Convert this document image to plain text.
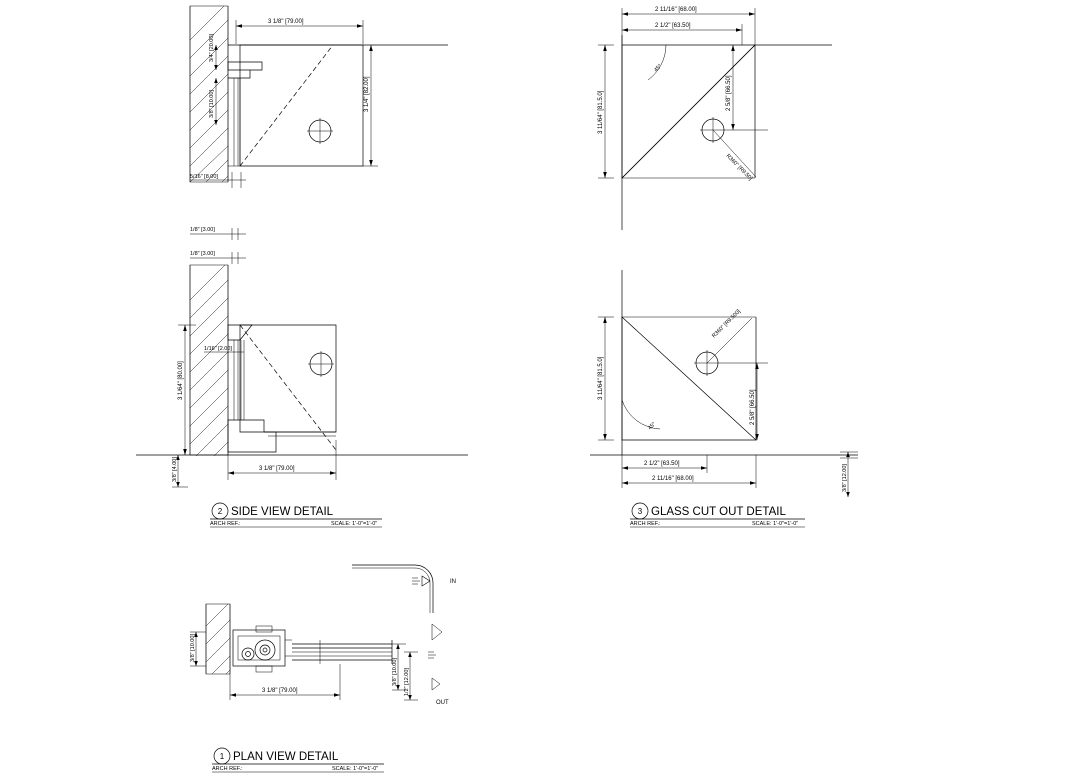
3 1/8" [79.00]
3 1/4" [82.00]
3/4" [20.00]
3/8" [10.00]
5/16" [8.00]
1/8" [3.00]
1/8" [3.00]
1/16" [2.00]
3 1/64" [80.00]
3/8" [4.00]	3 1/8" [79.00]
2 SIDE VIEW DETAIL
ARCH REF.:	SCALE: 1'-0"=1'-0"
R360" [R9.50]
45°
2 11/16" [68.00]
2 1/2" [63.50]
3 11/64" [81.5.0]	2 5/8" [66.50]
R360" [R9.500]
45°
3 11/64" [81.5.0]
2 5/8" [66.50]
2 1/2" [63.50]
2 11/16" [68.00]	3/8" [12.00]
3 GLASS CUT OUT DETAIL
ARCH REF.:	SCALE: 1'-0"=1'-0"
IN
OUT
3/8" [10.00]
3 1/8" [79.00]
3/8" [10.00] 1/2" [12.00]
1 PLAN VIEW DETAIL
ARCH REF.:	SCALE: 1'-0"=1'-0"
